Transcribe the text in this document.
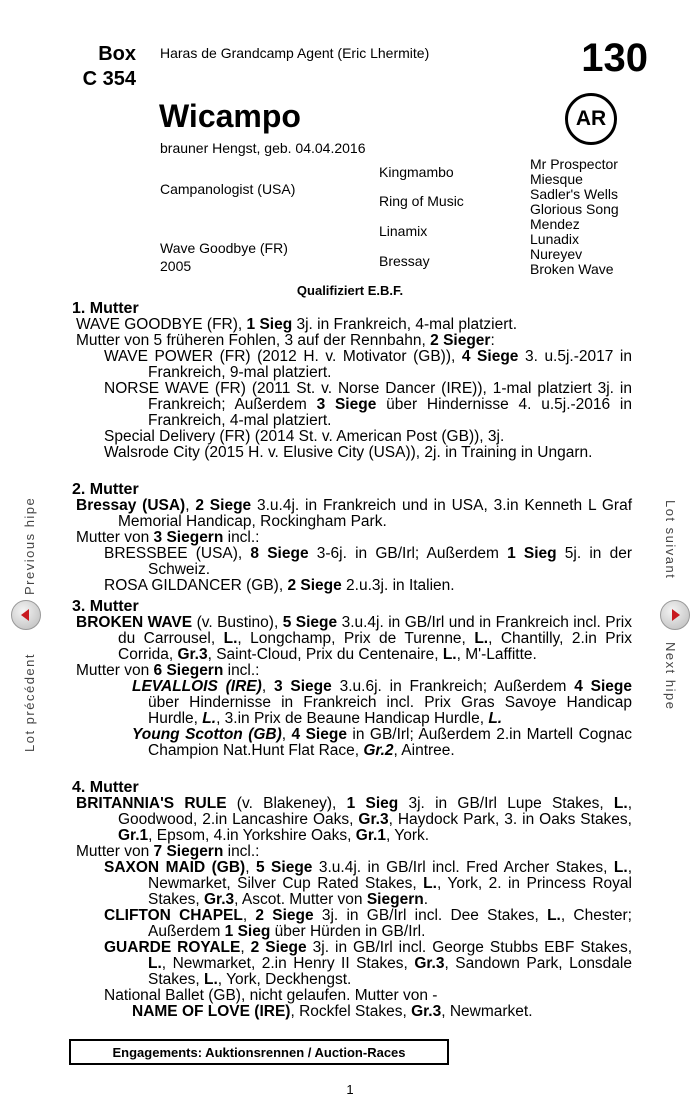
Box
C 354
Haras de Grandcamp Agent (Eric Lhermite)	130
Wicampo
brauner Hengst, geb. 04.04.2016
AR
Campanologist (USA)
Wave Goodbye (FR)
2005
Kingmambo
Ring of Music
Linamix
Bressay
Mr Prospector
Miesque
Sadler's Wells
Glorious Song
Mendez
Lunadix
Nureyev
Broken Wave
Qualifiziert E.B.F.
1. Mutter

WAVE GOODBYE (FR), 1 Sieg 3j. in Frankreich, 4-mal platziert.

Mutter von 5 früheren Fohlen, 3 auf der Rennbahn, 2 Sieger:

WAVE POWER (FR) (2012 H. v. Motivator (GB)), 4 Siege 3. u.5j.-2017 in Frankreich, 9-mal platziert.

NORSE WAVE (FR) (2011 St. v. Norse Dancer (IRE)), 1-mal platziert 3j. in Frankreich; Außerdem 3 Siege über Hindernisse 4. u.5j.-2016 in Frankreich, 4-mal platziert.

Special Delivery (FR) (2014 St. v. American Post (GB)), 3j.

Walsrode City (2015 H. v. Elusive City (USA)), 2j. in Training in Ungarn.

2. Mutter

Bressay (USA), 2 Siege 3.u.4j. in Frankreich und in USA, 3.in Kenneth L Graf Memorial Handicap, Rockingham Park.

Mutter von 3 Siegern incl.:

BRESSBEE (USA), 8 Siege 3-6j. in GB/Irl; Außerdem 1 Sieg 5j. in der Schweiz.

ROSA GILDANCER (GB), 2 Siege 2.u.3j. in Italien.

3. Mutter

BROKEN WAVE (v. Bustino), 5 Siege 3.u.4j. in GB/Irl und in Frankreich incl. Prix du Carrousel, L., Longchamp, Prix de Turenne, L., Chantilly, 2.in Prix Corrida, Gr.3, Saint-Cloud, Prix du Centenaire, L., M'-Laffitte.

Mutter von 6 Siegern incl.:

LEVALLOIS (IRE), 3 Siege 3.u.6j. in Frankreich; Außerdem 4 Siege über Hindernisse in Frankreich incl. Prix Gras Savoye Handicap Hurdle, L., 3.in Prix de Beaune Handicap Hurdle, L.

Young Scotton (GB), 4 Siege in GB/Irl; Außerdem 2.in Martell Cognac Champion Nat.Hunt Flat Race, Gr.2, Aintree.

4. Mutter

BRITANNIA'S RULE (v. Blakeney), 1 Sieg 3j. in GB/Irl Lupe Stakes, L., Goodwood, 2.in Lancashire Oaks, Gr.3, Haydock Park, 3. in Oaks Stakes, Gr.1, Epsom, 4.in Yorkshire Oaks, Gr.1, York.

Mutter von 7 Siegern incl.:

SAXON MAID (GB), 5 Siege 3.u.4j. in GB/Irl incl. Fred Archer Stakes, L., Newmarket, Silver Cup Rated Stakes, L., York, 2. in Princess Royal Stakes, Gr.3, Ascot. Mutter von Siegern.

CLIFTON CHAPEL, 2 Siege 3j. in GB/Irl incl. Dee Stakes, L., Chester; Außerdem 1 Sieg über Hürden in GB/Irl.

GUARDE ROYALE, 2 Siege 3j. in GB/Irl incl. George Stubbs EBF Stakes, L., Newmarket, 2.in Henry II Stakes, Gr.3, Sandown Park, Lonsdale Stakes, L., York, Deckhengst.

National Ballet (GB), nicht gelaufen. Mutter von -

NAME OF LOVE (IRE), Rockfel Stakes, Gr.3, Newmarket.

Engagements: Auktionsrennen / Auction-Races
1
Previous hipe
Lot précédent
Lot suivant
Next hipe
